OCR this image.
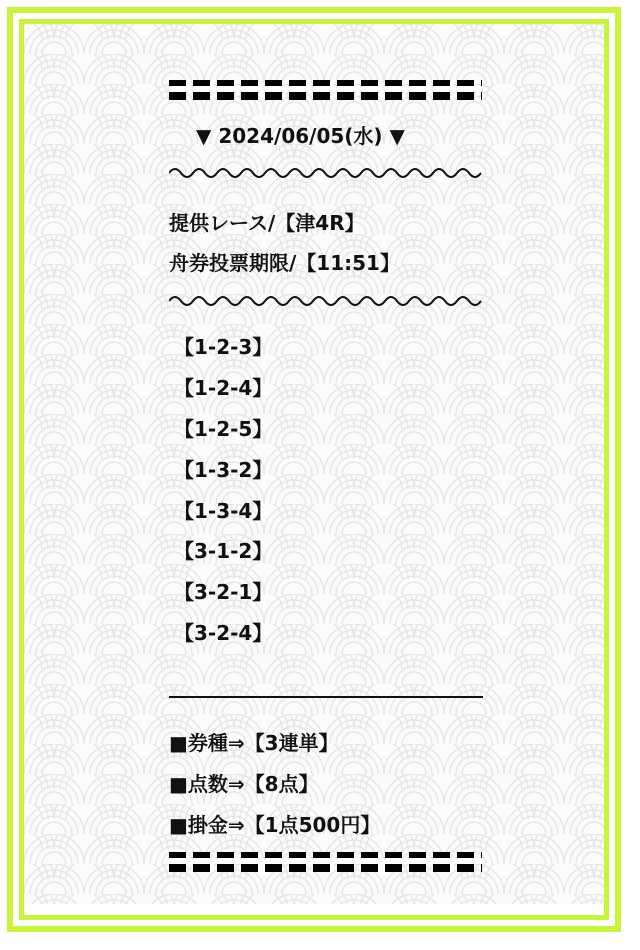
▼ 2024/06/05(水) ▼
提供レース/【津4R】
舟券投票期限/【11:51】
【1-2-3】
【1-2-4】
【1-2-5】
【1-3-2】
【1-3-4】
【3-1-2】
【3-2-1】
【3-2-4】
■券種⇒【3連単】
■点数⇒【8点】
■掛金⇒【1点500円】
